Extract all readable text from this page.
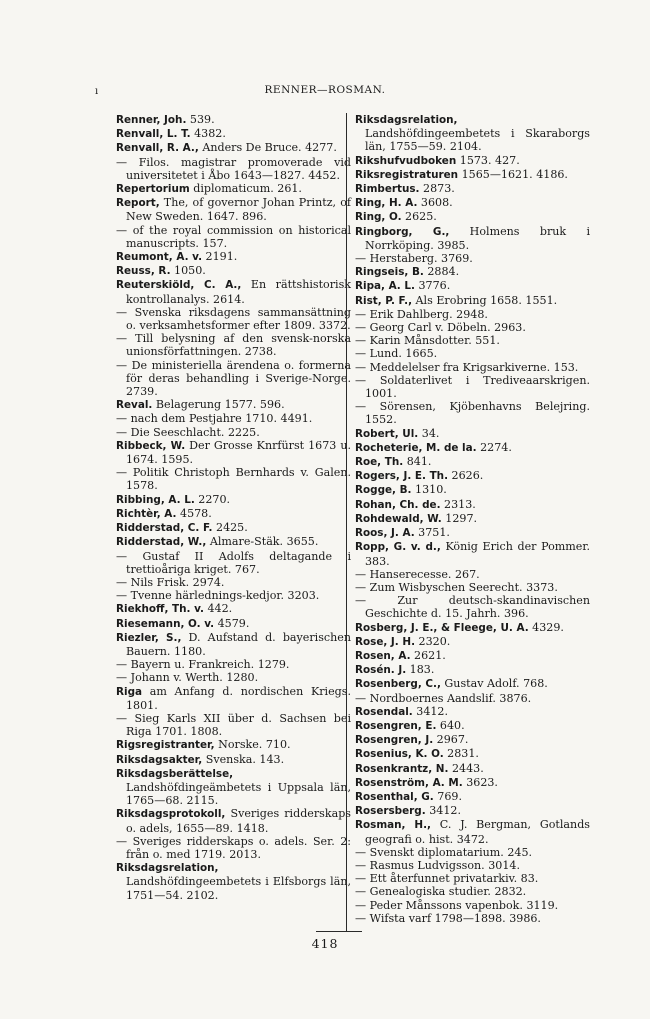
ı	RENNER—ROSMAN.

Renner, Joh. 539.

Renvall, L. T. 4382.

Renvall, R. A., Anders De Bruce. 4277.

— Filos. magistrar promoverade vid universitetet i Åbo 1643—1827. 4452.

Repertorium diplomaticum. 261.

Report, The, of governor Johan Printz, of New Sweden. 1647. 896.

— of the royal commission on historical manuscripts. 157.

Reumont, A. v. 2191.

Reuss, R. 1050.

Reuterskiöld, C. A., En rättshistorisk kontrollanalys. 2614.

— Svenska riksdagens sammansättning o. verksamhetsformer efter 1809. 3372.

— Till belysning af den svensk-norska unionsförfattningen. 2738.

— De ministeriella ärendena o. formerna för deras behandling i Sverige-Norge. 2739.

Reval. Belagerung 1577. 596.

— nach dem Pestjahre 1710. 4491.

— Die Seeschlacht. 2225.

Ribbeck, W. Der Grosse Knrfürst 1673 u. 1674. 1595.

— Politik Christoph Bernhards v. Galen. 1578.

Ribbing, A. L. 2270.

Richtèr, A. 4578.

Ridderstad, C. F. 2425.

Ridderstad, W., Almare-Stäk. 3655.

— Gustaf II Adolfs deltagande i trettioåriga kriget. 767.

— Nils Frisk. 2974.

— Tvenne härlednings-kedjor. 3203.

Riekhoff, Th. v. 442.

Riesemann, O. v. 4579.

Riezler, S., D. Aufstand d. bayerischen Bauern. 1180.

— Bayern u. Frankreich. 1279.

— Johann v. Werth. 1280.

Riga am Anfang d. nordischen Kriegs. 1801.

— Sieg Karls XII über d. Sachsen bei Riga 1701. 1808.

Rigsregistranter, Norske. 710.

Riksdagsakter, Svenska. 143.

Riksdagsberättelse, Landshöfdingeämbetets i Uppsala län, 1765—68. 2115.

Riksdagsprotokoll, Sveriges ridderskaps o. adels, 1655—89. 1418.

— Sveriges ridderskaps o. adels. Ser. 2: från o. med 1719. 2013.

Riksdagsrelation, Landshöfdingeembetets i Elfsborgs län, 1751—54. 2102.

Riksdagsrelation, Landshöfdingeembetets i Skaraborgs län, 1755—59. 2104.

Rikshufvudboken 1573. 427.

Riksregistraturen 1565—1621. 4186.

Rimbertus. 2873.

Ring, H. A. 3608.

Ring, O. 2625.

Ringborg, G., Holmens bruk i Norrköping. 3985.

— Herstaberg. 3769.

Ringseis, B. 2884.

Ripa, A. L. 3776.

Rist, P. F., Als Erobring 1658. 1551.

— Erik Dahlberg. 2948.

— Georg Carl v. Döbeln. 2963.

— Karin Månsdotter. 551.

— Lund. 1665.

— Meddelelser fra Krigsarkiverne. 153.

— Soldaterlivet i Trediveaarskrigen. 1001.

— Sörensen, Kjöbenhavns Belejring. 1552.

Robert, Ul. 34.

Rocheterie, M. de la. 2274.

Roe, Th. 841.

Rogers, J. E. Th. 2626.

Rogge, B. 1310.

Rohan, Ch. de. 2313.

Rohdewald, W. 1297.

Roos, J. A. 3751.

Ropp, G. v. d., König Erich der Pommer. 383.

— Hanserecesse. 267.

— Zum Wisbyschen Seerecht. 3373.

— Zur deutsch-skandinavischen Geschichte d. 15. Jahrh. 396.

Rosberg, J. E., & Fleege, U. A. 4329.

Rose, J. H. 2320.

Rosen, A. 2621.

Rosén. J. 183.

Rosenberg, C., Gustav Adolf. 768.

— Nordboernes Aandslif. 3876.

Rosendal. 3412.

Rosengren, E. 640.

Rosengren, J. 2967.

Rosenius, K. O. 2831.

Rosenkrantz, N. 2443.

Rosenström, A. M. 3623.

Rosenthal, G. 769.

Rosersberg. 3412.

Rosman, H., C. J. Bergman, Gotlands geografi o. hist. 3472.

— Svenskt diplomatarium. 245.

— Rasmus Ludvigsson. 3014.

— Ett återfunnet privatarkiv. 83.

— Genealogiska studier. 2832.

— Peder Månssons vapenbok. 3119.

— Wifsta varf 1798—1898. 3986.

418
